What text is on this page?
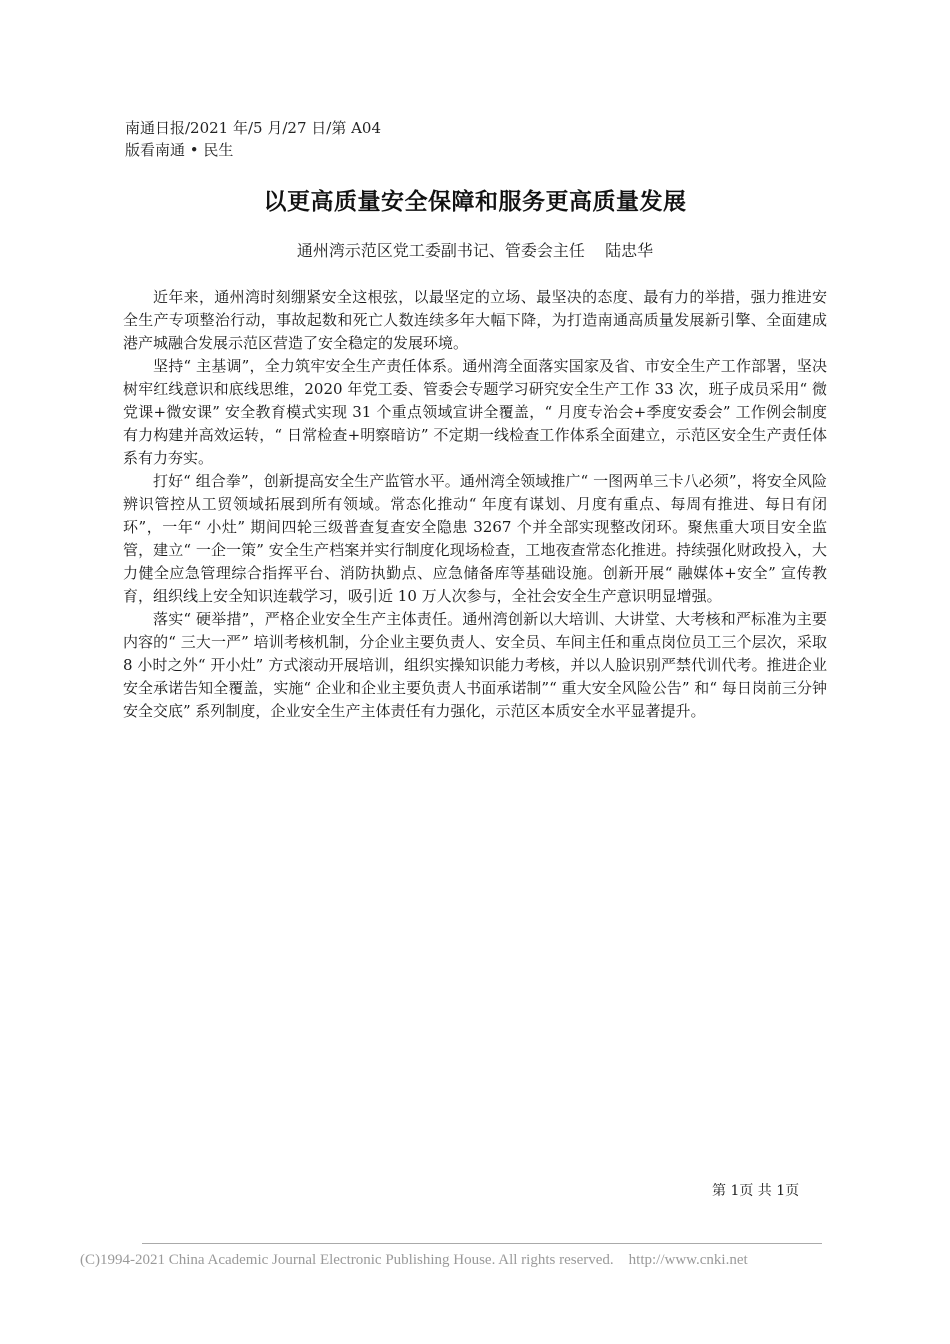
南通日报/2021 年/5 月/27 日/第 A04
版看南通 • 民生
以更高质量安全保障和服务更高质量发展
通州湾示范区党工委副书记、管委会主任    陆忠华

近年来，通州湾时刻绷紧安全这根弦，以最坚定的立场、最坚决的态度、最有力的举措，强力推进安全生产专项整治行动，事故起数和死亡人数连续多年大幅下降，为打造南通高质量发展新引擎、全面建成港产城融合发展示范区营造了安全稳定的发展环境。

坚持“ 主基调”，全力筑牢安全生产责任体系。通州湾全面落实国家及省、市安全生产工作部署，坚决树牢红线意识和底线思维，2020 年党工委、管委会专题学习研究安全生产工作 33 次，班子成员采用“ 微党课+微安课” 安全教育模式实现 31 个重点领域宣讲全覆盖，“ 月度专治会+季度安委会” 工作例会制度有力构建并高效运转，“ 日常检查+明察暗访” 不定期一线检查工作体系全面建立，示范区安全生产责任体系有力夯实。

打好“ 组合拳”，创新提高安全生产监管水平。通州湾全领域推广“ 一图两单三卡八必须”，将安全风险辨识管控从工贸领域拓展到所有领域。常态化推动“ 年度有谋划、月度有重点、每周有推进、每日有闭环”，一年“ 小灶” 期间四轮三级普查复查安全隐患 3267 个并全部实现整改闭环。聚焦重大项目安全监管，建立“ 一企一策” 安全生产档案并实行制度化现场检查，工地夜查常态化推进。持续强化财政投入，大力健全应急管理综合指挥平台、消防执勤点、应急储备库等基础设施。创新开展“ 融媒体+安全” 宣传教育，组织线上安全知识连载学习，吸引近 10 万人次参与，全社会安全生产意识明显增强。

落实“ 硬举措”，严格企业安全生产主体责任。通州湾创新以大培训、大讲堂、大考核和严标准为主要内容的“ 三大一严” 培训考核机制，分企业主要负责人、安全员、车间主任和重点岗位员工三个层次，采取 8 小时之外“ 开小灶” 方式滚动开展培训，组织实操知识能力考核，并以人脸识别严禁代训代考。推进企业安全承诺告知全覆盖，实施“ 企业和企业主要负责人书面承诺制”“ 重大安全风险公告” 和“ 每日岗前三分钟安全交底” 系列制度，企业安全生产主体责任有力强化，示范区本质安全水平显著提升。

第 1页 共 1页
(C)1994-2021 China Academic Journal Electronic Publishing House. All rights reserved.    http://www.cnki.net
